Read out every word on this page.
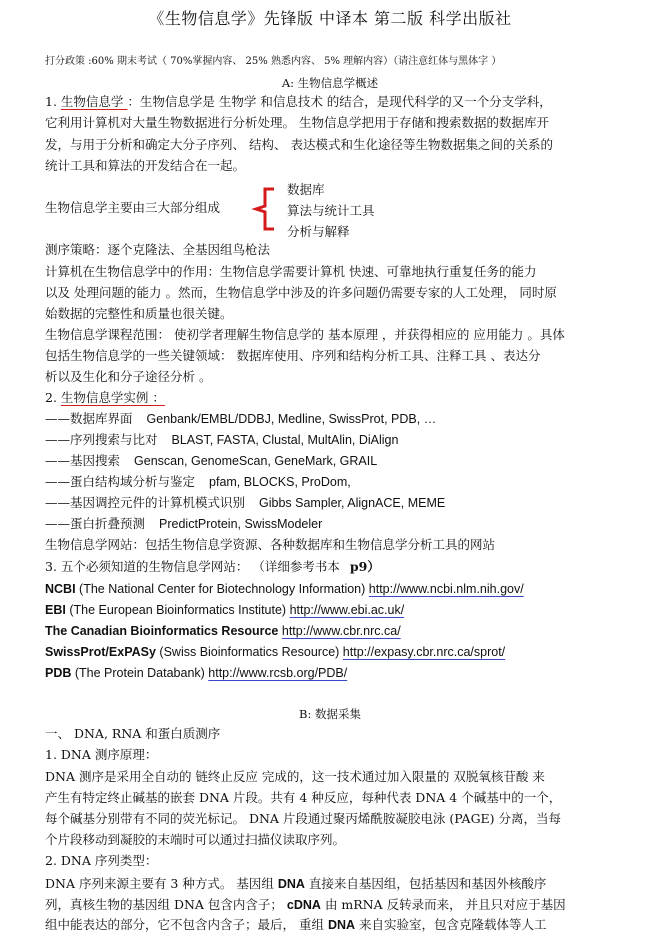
《生物信息学》先锋版 中译本 第二版 科学出版社
打分政策 :60% 期末考试（ 70%掌握内容、 25% 熟悉内容、 5% 理解内容）（请注意红体与黑体字 ）
A: 生物信息学概述
1. 生物信息学 ：生物信息学是 生物学 和信息技术 的结合，是现代科学的又一个分支学科，
它利用计算机对大量生物数据进行分析处理。 生物信息学把用于存储和搜索数据的数据库开
发，与用于分析和确定大分子序列、 结构、 表达模式和生化途径等生物数据集之间的关系的
统计工具和算法的开发结合在一起。
生物信息学主要由三大部分组成
数据库
算法与统计工具
分析与解释
测序策略：逐个克隆法、全基因组鸟枪法
计算机在生物信息学中的作用：生物信息学需要计算机 快速、可靠地执行重复任务的能力
以及 处理问题的能力 。然而，生物信息学中涉及的许多问题仍需要专家的人工处理， 同时原
始数据的完整性和质量也很关键。
生物信息学课程范围： 使初学者理解生物信息学的 基本原理 ，并获得相应的 应用能力 。具体
包括生物信息学的一些关键领域： 数据库使用、序列和结构分析工具、注释工具 、表达分
析以及生化和分子途径分析 。
2. 生物信息学实例 ：
——数据库界面 Genbank/EMBL/DDBJ, Medline, SwissProt, PDB, …
——序列搜索与比对 BLAST, FASTA, Clustal, MultAlin, DiAlign
——基因搜索 Genscan, GenomeScan, GeneMark, GRAIL
——蛋白结构域分析与鉴定 pfam, BLOCKS, ProDom,
——基因调控元件的计算机模式识别 Gibbs Sampler, AlignACE, MEME
——蛋白折叠预测 PredictProtein, SwissModeler
生物信息学网站：包括生物信息学资源、各种数据库和生物信息学分析工具的网站
3. 五个必须知道的生物信息学网站： （详细参考书本 p9）
NCBI (The National Center for Biotechnology Information) http://www.ncbi.nlm.nih.gov/
EBI (The European Bioinformatics Institute) http://www.ebi.ac.uk/
The Canadian Bioinformatics Resource http://www.cbr.nrc.ca/
SwissProt/ExPASy (Swiss Bioinformatics Resource) http://expasy.cbr.nrc.ca/sprot/
PDB (The Protein Databank) http://www.rcsb.org/PDB/
B: 数据采集
一、 DNA, RNA 和蛋白质测序
1. DNA 测序原理：
DNA 测序是采用全自动的 链终止反应 完成的，这一技术通过加入限量的 双脱氧核苷酸 来
产生有特定终止碱基的嵌套 DNA 片段。共有 4 种反应，每种代表 DNA 4 个碱基中的一个，
每个碱基分别带有不同的荧光标记。 DNA 片段通过聚丙烯酰胺凝胶电泳 (PAGE) 分离，当每
个片段移动到凝胶的末端时可以通过扫描仪读取序列。
2. DNA 序列类型：
DNA 序列来源主要有 3 种方式。 基因组 DNA 直接来自基因组，包括基因和基因外核酸序
列，真核生物的基因组 DNA 包含内含子； cDNA 由 mRNA 反转录而来， 并且只对应于基因
组中能表达的部分，它不包含内含子；最后， 重组 DNA 来自实验室，包含克隆载体等人工
